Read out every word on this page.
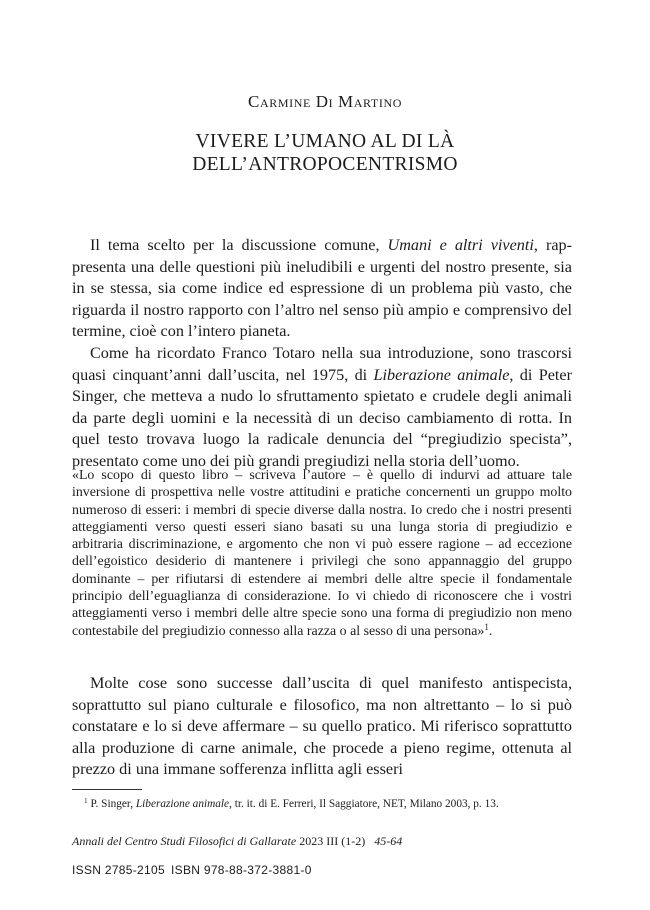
Carmine Di Martino
VIVERE L’UMANO AL DI LÀ
DELL’ANTROPOCENTRISMO

Il tema scelto per la discussione comune, Umani e altri viventi, rappresenta una delle questioni più ineludibili e urgenti del nostro presente, sia in se stessa, sia come indice ed espressione di un problema più vasto, che riguarda il nostro rapporto con l’altro nel senso più ampio e comprensivo del termine, cioè con l’intero pianeta.

Come ha ricordato Franco Totaro nella sua introduzione, sono trascorsi quasi cinquant’anni dall’uscita, nel 1975, di Liberazione animale, di Peter Singer, che metteva a nudo lo sfruttamento spietato e crudele degli animali da parte degli uomini e la necessità di un deciso cambiamento di rotta. In quel testo trovava luogo la radicale denuncia del “pregiudizio specista”, presentato come uno dei più grandi pregiudizi nella storia dell’uomo.

«Lo scopo di questo libro – scriveva l’autore – è quello di indurvi ad attuare tale inversione di prospettiva nelle vostre attitudini e pratiche concernenti un gruppo molto numeroso di esseri: i membri di specie diverse dalla nostra. Io credo che i nostri presenti atteggiamenti verso questi esseri siano basati su una lunga storia di pregiudizio e arbitraria discriminazione, e argomento che non vi può essere ragione – ad eccezione dell’egoistico desiderio di mantenere i privilegi che sono appannaggio del gruppo dominante – per rifiutarsi di estendere ai membri delle altre specie il fondamentale principio dell’eguaglianza di considerazione. Io vi chiedo di riconoscere che i vostri atteggiamenti verso i membri delle altre specie sono una forma di pregiudizio non meno contestabile del pregiudizio connesso alla razza o al sesso di una persona»$^1$.

Molte cose sono successe dall’uscita di quel manifesto antispecista, soprattutto sul piano culturale e filosofico, ma non altrettanto – lo si può constatare e lo si deve affermare – su quello pratico. Mi riferisco soprattutto alla produzione di carne animale, che procede a pieno regime, ottenuta al prezzo di una immane sofferenza inflitta agli esseri

$^1$ P. Singer, Liberazione animale, tr. it. di E. Ferreri, Il Saggiatore, NET, Milano 2003, p. 13.
Annali del Centro Studi Filosofici di Gallarate 2023 III (1-2) 45-64
ISSN 2785-2105 ISBN 978-88-372-3881-0
